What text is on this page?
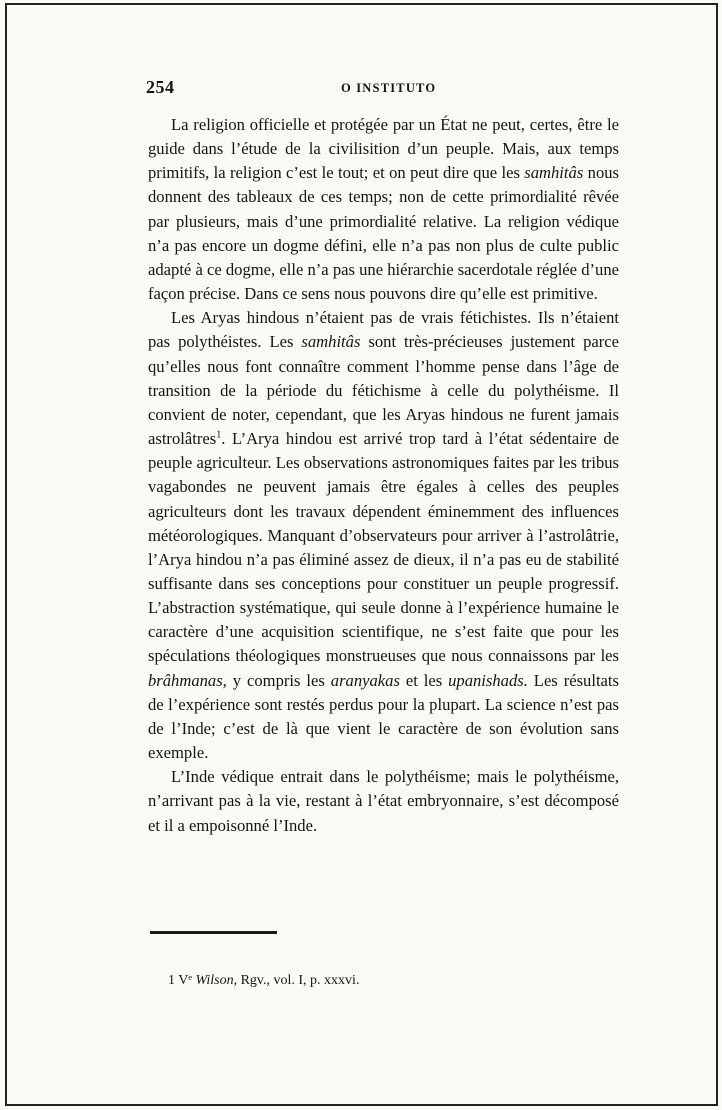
254	O INSTITUTO

La religion officielle et protégée par un État ne peut, certes, être le guide dans l’étude de la civilisition d’un peuple. Mais, aux temps primitifs, la religion c’est le tout; et on peut dire que les samhitâs nous donnent des tableaux de ces temps; non de cette primordialité rêvée par plusieurs, mais d’une primordialité relative. La religion védique n’a pas encore un dogme défini, elle n’a pas non plus de culte public adapté à ce dogme, elle n’a pas une hiérarchie sacerdotale réglée d’une façon précise. Dans ce sens nous pouvons dire qu’elle est primitive.

Les Aryas hindous n’étaient pas de vrais fétichistes. Ils n’étaient pas polythéistes. Les samhitâs sont très-précieuses justement parce qu’elles nous font connaître comment l’homme pense dans l’âge de transition de la période du fétichisme à celle du polythéisme. Il convient de noter, cependant, que les Aryas hindous ne furent jamais astrolâtres$^1$. L’Arya hindou est arrivé trop tard à l’état sédentaire de peuple agriculteur. Les observations astronomiques faites par les tribus vagabondes ne peuvent jamais être égales à celles des peuples agriculteurs dont les travaux dépendent éminemment des influences météorologiques. Manquant d’observateurs pour arriver à l’astrolâtrie, l’Arya hindou n’a pas éliminé assez de dieux, il n’a pas eu de stabilité suffisante dans ses conceptions pour constituer un peuple progressif. L’abstraction systématique, qui seule donne à l’expérience humaine le caractère d’une acquisition scientifique, ne s’est faite que pour les spéculations théologiques monstrueuses que nous connaissons par les brâhmanas, y compris les aranyakas et les upanishads. Les résultats de l’expérience sont restés perdus pour la plupart. La science n’est pas de l’Inde; c’est de là que vient le caractère de son évolution sans exemple.

L’Inde védique entrait dans le polythéisme; mais le polythéisme, n’arrivant pas à la vie, restant à l’état embryonnaire, s’est décomposé et il a empoisonné l’Inde.

1 Vᵉ Wilson, Rgv., vol. I, p. xxxvi.
